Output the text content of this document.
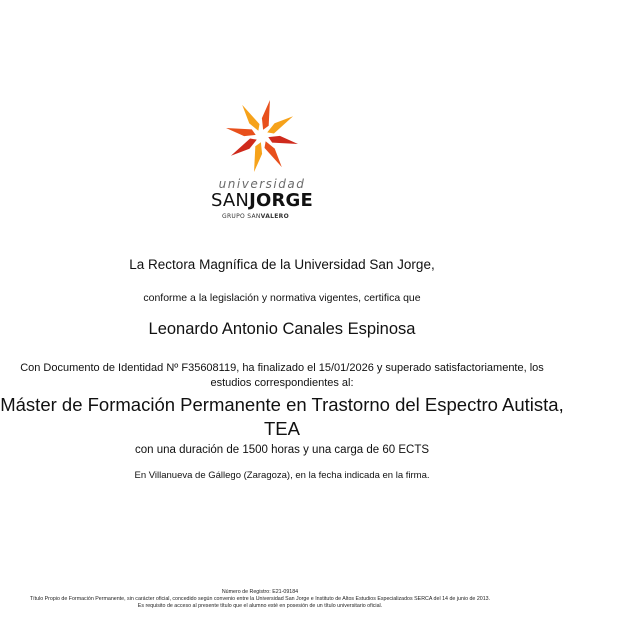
universidad
SANJORGE
GRUPO SANVALERO
La Rectora Magnífica de la Universidad San Jorge,
conforme a la legislación y normativa vigentes, certifica que
Leonardo Antonio Canales Espinosa
Con Documento de Identidad Nº F35608119, ha finalizado el 15/01/2026 y superado satisfactoriamente, los
estudios correspondientes al:
Máster de Formación Permanente en Trastorno del Espectro Autista,
TEA
con una duración de 1500 horas y una carga de 60 ECTS
En Villanueva de Gállego (Zaragoza), en la fecha indicada en la firma.
Número de Registro: E21-09184
Título Propio de Formación Permanente, sin carácter oficial, concedido según convenio entre la Universidad San Jorge e Instituto de Altos Estudios Especializados SERCA del 14 de junio de 2013.
Es requisito de acceso al presente título que el alumno esté en posesión de un título universitario oficial.
